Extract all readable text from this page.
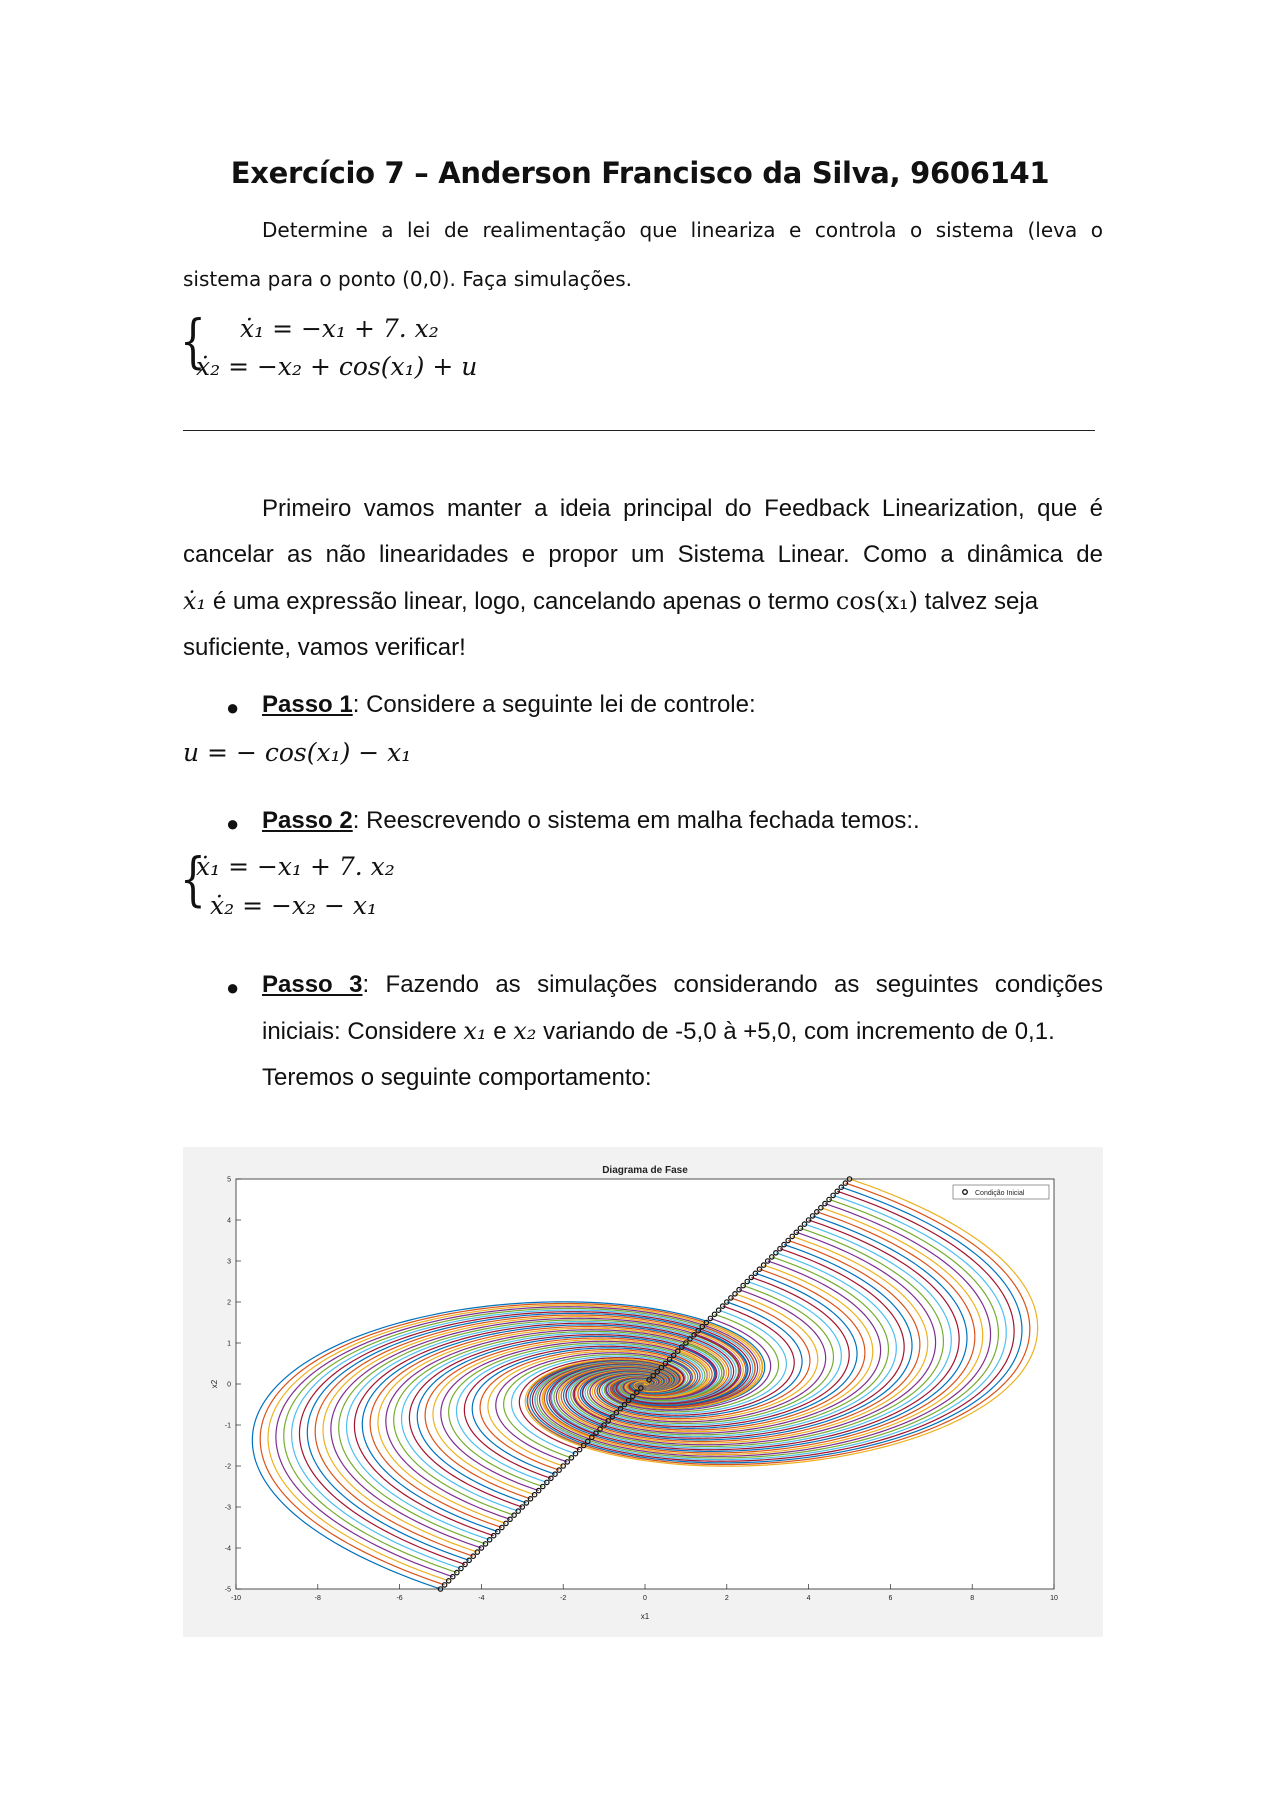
Exercício 7 – Anderson Francisco da Silva, 9606141
Determine a lei de realimentação que lineariza e controla o sistema (leva o
sistema para o ponto (0,0). Faça simulações.
{ ẋ₁ = −x₁ + 7. x₂
ẋ₂ = −x₂ + cos(x₁) + u
Primeiro vamos manter a ideia principal do Feedback Linearization, que é
cancelar as não linearidades e propor um Sistema Linear. Como a dinâmica de
ẋ₁ é uma expressão linear, logo, cancelando apenas o termo cos(x₁) talvez seja
suficiente, vamos verificar!
● Passo 1: Considere a seguinte lei de controle:
u = − cos(x₁) − x₁
● Passo 2: Reescrevendo o sistema em malha fechada temos:.
{
ẋ₁ = −x₁ + 7. x₂
ẋ₂ = −x₂ − x₁
● Passo 3: Fazendo as simulações considerando as seguintes condições
iniciais: Considere x₁ e x₂ variando de -5,0 à +5,0, com incremento de 0,1.
Teremos o seguinte comportamento:
-10	-8	-6	-4	-2	0	2	4	6	8	10
5
4
3
2
1
0
-1
-2
-3
-4
-5
Diagrama de Fase
x1
x2
Condição Inicial
